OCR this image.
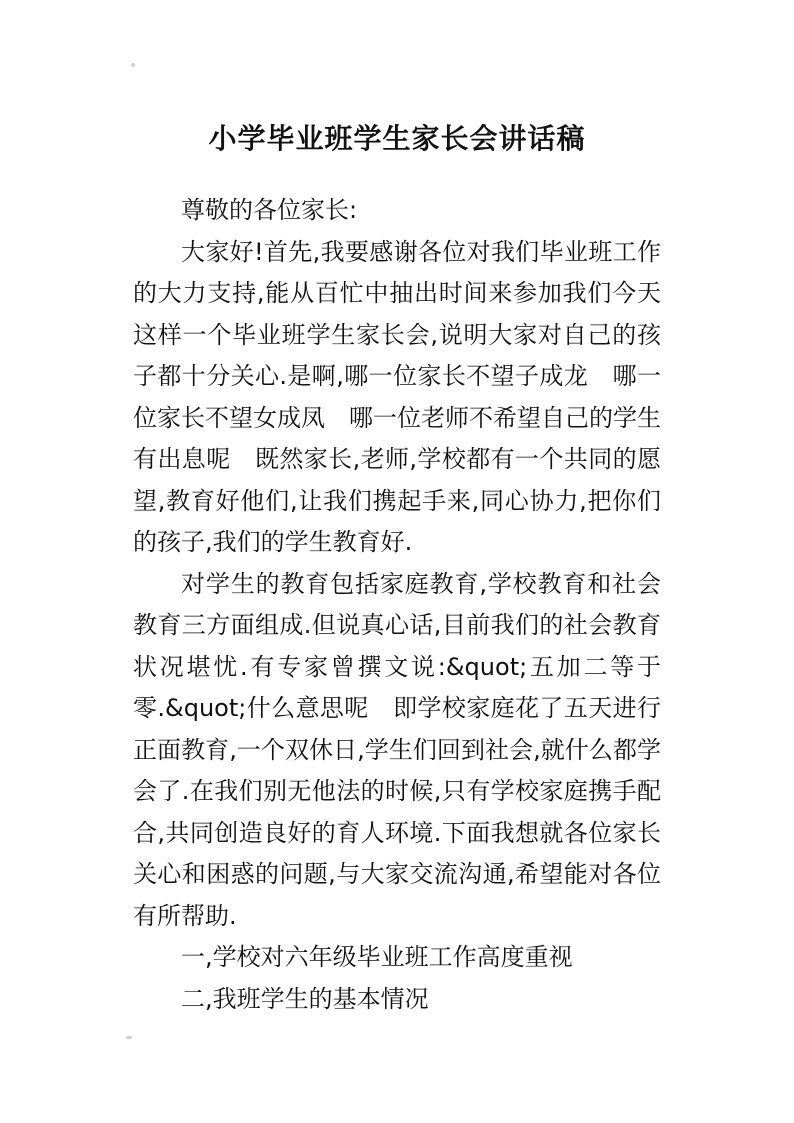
小学毕业班学生家长会讲话稿

尊敬的各位家长:

大家好!首先,我要感谢各位对我们毕业班工作的大力支持,能从百忙中抽出时间来参加我们今天这样一个毕业班学生家长会,说明大家对自己的孩子都十分关心.是啊,哪一位家长不望子成龙　哪一位家长不望女成凤　哪一位老师不希望自己的学生有出息呢　既然家长,老师,学校都有一个共同的愿望,教育好他们,让我们携起手来,同心协力,把你们的孩子,我们的学生教育好.

对学生的教育包括家庭教育,学校教育和社会教育三方面组成.但说真心话,目前我们的社会教育状况堪忧.有专家曾撰文说:&quot;五加二等于零.&quot;什么意思呢　即学校家庭花了五天进行正面教育,一个双休日,学生们回到社会,就什么都学会了.在我们别无他法的时候,只有学校家庭携手配合,共同创造良好的育人环境.下面我想就各位家长关心和困惑的问题,与大家交流沟通,希望能对各位有所帮助.

一,学校对六年级毕业班工作高度重视

二,我班学生的基本情况
